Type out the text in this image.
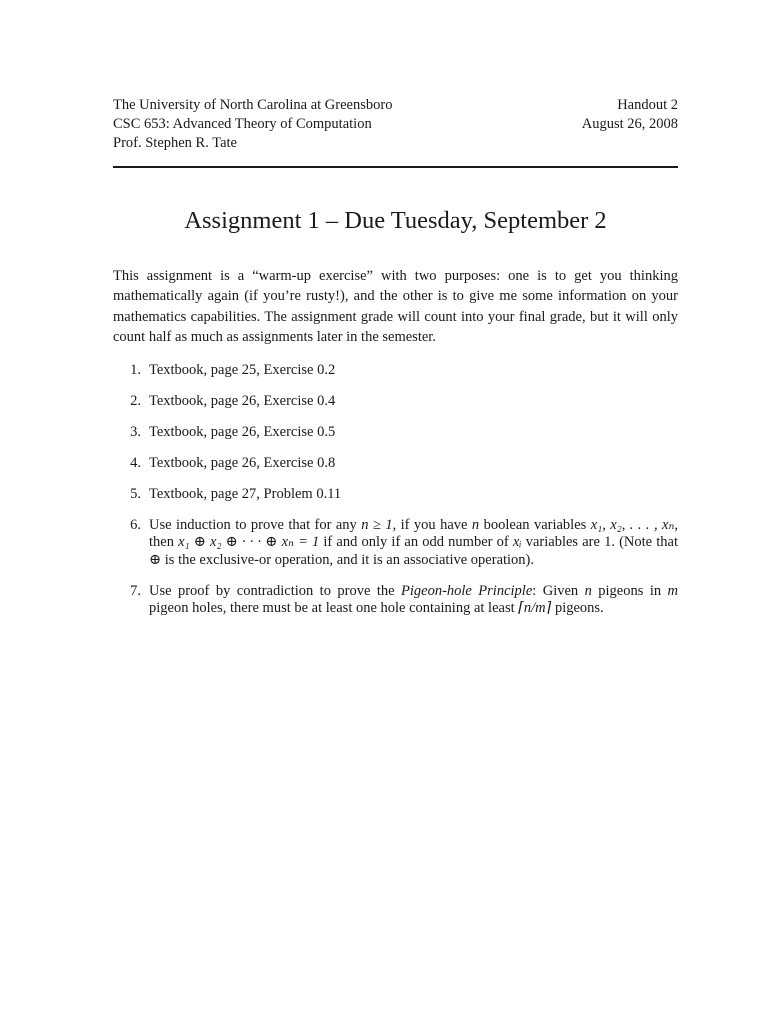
The University of North Carolina at Greensboro
CSC 653: Advanced Theory of Computation
Prof. Stephen R. Tate
Handout 2
August 26, 2008
Assignment 1 – Due Tuesday, September 2

This assignment is a “warm-up exercise” with two purposes: one is to get you thinking mathematically again (if you’re rusty!), and the other is to give me some information on your mathematics capabilities. The assignment grade will count into your final grade, but it will only count half as much as assignments later in the semester.

1. Textbook, page 25, Exercise 0.2
2. Textbook, page 26, Exercise 0.4
3. Textbook, page 26, Exercise 0.5
4. Textbook, page 26, Exercise 0.8
5. Textbook, page 27, Problem 0.11
6. Use induction to prove that for any n ≥ 1, if you have n boolean variables x₁, x₂, . . . , xₙ, then x₁ ⊕ x₂ ⊕ · · · ⊕ xₙ = 1 if and only if an odd number of xᵢ variables are 1. (Note that ⊕ is the exclusive-or operation, and it is an associative operation).
7. Use proof by contradiction to prove the Pigeon-hole Principle: Given n pigeons in m pigeon holes, there must be at least one hole containing at least ⌈n/m⌉ pigeons.
